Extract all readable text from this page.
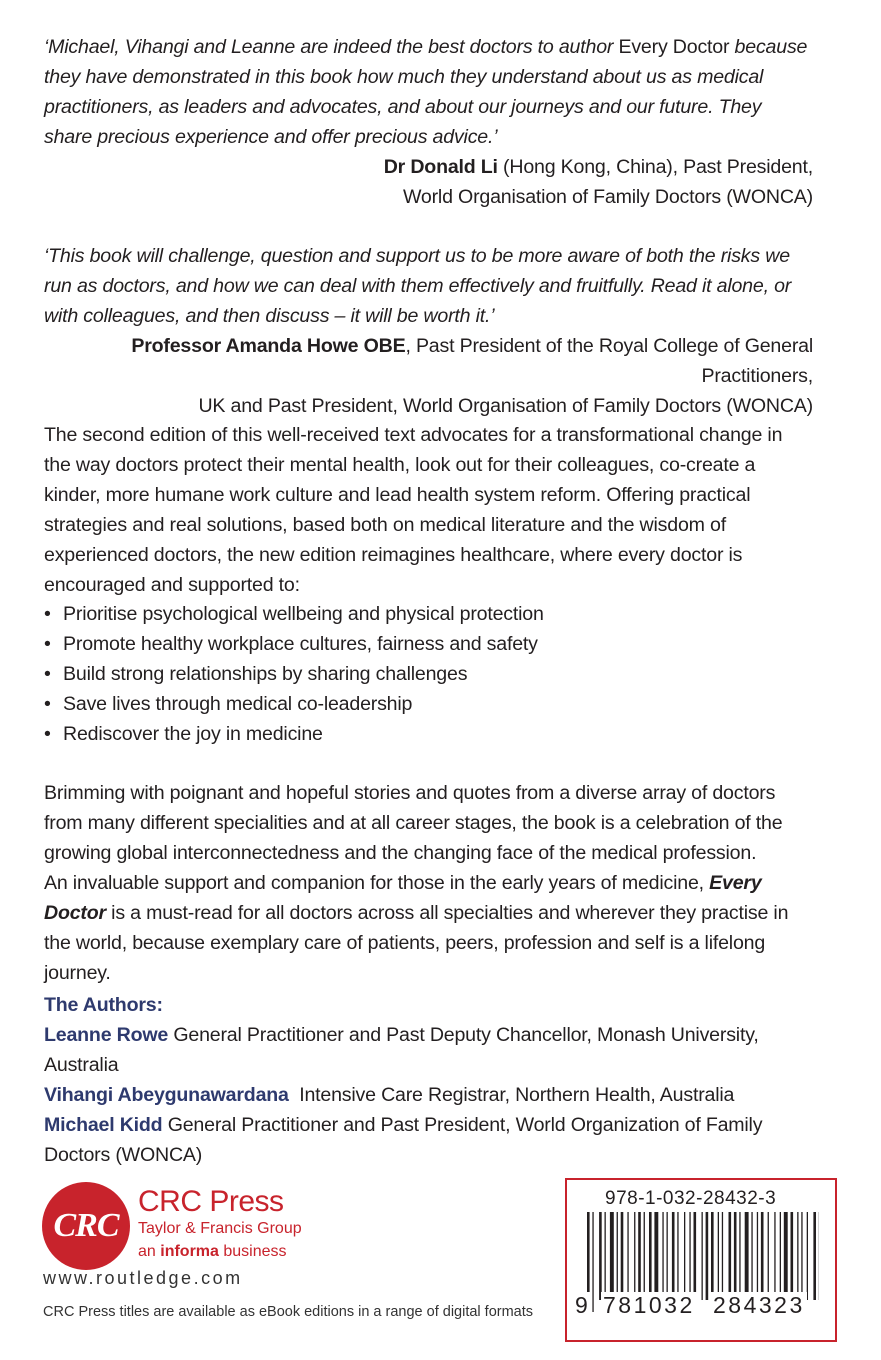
‘Michael, Vihangi and Leanne are indeed the best doctors to author Every Doctor because they have demonstrated in this book how much they understand about us as medical practitioners, as leaders and advocates, and about our journeys and our future. They share precious experience and offer precious advice.’

Dr Donald Li (Hong Kong, China), Past President,

World Organisation of Family Doctors (WONCA)

‘This book will challenge, question and support us to be more aware of both the risks we run as doctors, and how we can deal with them effectively and fruitfully. Read it alone, or with colleagues, and then discuss – it will be worth it.’

Professor Amanda Howe OBE, Past President of the Royal College of General Practitioners,

UK and Past President, World Organisation of Family Doctors (WONCA)

The second edition of this well-received text advocates for a transformational change in the way doctors protect their mental health, look out for their colleagues, co-create a kinder, more humane work culture and lead health system reform. Offering practical strategies and real solutions, based both on medical literature and the wisdom of experienced doctors, the new edition reimagines healthcare, where every doctor is encouraged and supported to:

• Prioritise psychological wellbeing and physical protection
• Promote healthy workplace cultures, fairness and safety
• Build strong relationships by sharing challenges
• Save lives through medical co-leadership
• Rediscover the joy in medicine

Brimming with poignant and hopeful stories and quotes from a diverse array of doctors from many different specialities and at all career stages, the book is a celebration of the growing global interconnectedness and the changing face of the medical profession.

An invaluable support and companion for those in the early years of medicine, Every Doctor is a must-read for all doctors across all specialties and wherever they practise in the world, because exemplary care of patients, peers, profession and self is a lifelong journey.

The Authors:

Leanne Rowe General Practitioner and Past Deputy Chancellor, Monash University, Australia

Vihangi Abeygunawardana  Intensive Care Registrar, Northern Health, Australia

Michael Kidd General Practitioner and Past President, World Organization of Family Doctors (WONCA)

CRC
CRC Press
Taylor & Francis Group
an informa business
www.routledge.com
CRC Press titles are available as eBook editions in a range of digital formats
978-1-032-28432-3
9 781032 284323
